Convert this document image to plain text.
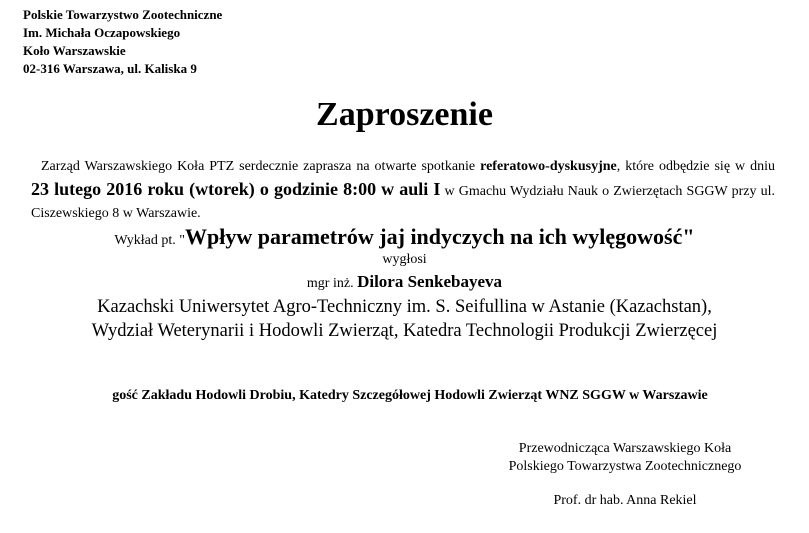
Polskie Towarzystwo Zootechniczne
Im. Michała Oczapowskiego
Koło Warszawskie
02-316 Warszawa, ul. Kaliska 9
Zaproszenie
Zarząd Warszawskiego Koła PTZ serdecznie zaprasza na otwarte spotkanie referatowo-dyskusyjne, które odbędzie się w dniu 23 lutego 2016 roku (wtorek) o godzinie 8:00 w auli I w Gmachu Wydziału Nauk o Zwierzętach SGGW przy ul. Ciszewskiego 8 w Warszawie.
Wykład pt. "Wpływ parametrów jaj indyczych na ich wylęgowość"
wygłosi
mgr inż. Dilora Senkebayeva
Kazachski Uniwersytet Agro-Techniczny im. S. Seifullina w Astanie (Kazachstan),
Wydział Weterynarii i Hodowli Zwierząt, Katedra Technologii Produkcji Zwierzęcej
gość Zakładu Hodowli Drobiu, Katedry Szczegółowej Hodowli Zwierząt WNZ SGGW w Warszawie
Przewodnicząca Warszawskiego Koła
Polskiego Towarzystwa Zootechnicznego
Prof. dr hab. Anna Rekiel
